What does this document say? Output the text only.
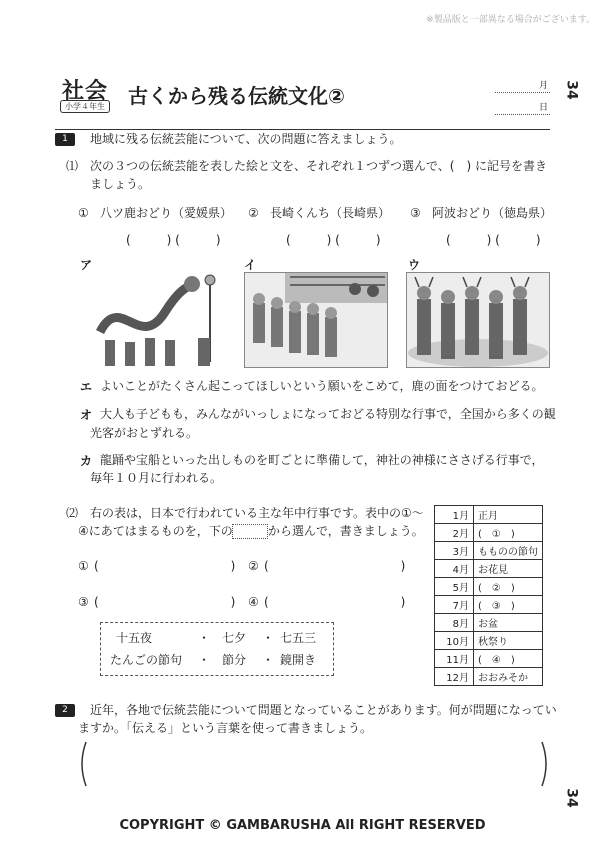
※製品版と一部異なる場合がございます。
社会
小学４年生 古くから残る伝統文化②	月
日
34
34
1	地域に残る伝統芸能について、次の問題に答えましょう。
⑴ 次の３つの伝統芸能を表した絵と文を、それぞれ１つずつ選んで、(　) に記号を書き
ましょう。
① 八ツ鹿おどり（愛媛県） ② 長崎くんち（長崎県） ③ 阿波おどり（徳島県）
(　　　) (　　　)	(　　　) (　　　)	(　　　) (　　　)
ア	イ	ウ
エ よいことがたくさん起こってほしいという願いをこめて，鹿の面をつけておどる。
オ 大人も子どもも，みんながいっしょになっておどる特別な行事で，全国から多くの観
光客がおとずれる。
カ 龍踊や宝船といった出しものを町ごとに準備して，神社の神様にささげる行事で，
毎年１０月に行われる。
⑵ 右の表は，日本で行われている主な年中行事です。表中の①～
④にあてはまるものを，下の	から選んで，書きましょう。
① (　　　　　　　　　　　) ② (　　　　　　　　　　　)
③ (　　　　　　　　　　　) ④ (　　　　　　　　　　　)
十五夜	・ 七夕 ・ 七五三
たんごの節句 ・ 節分 ・ 鏡開き
1月	正月
2月	(　①　)
3月	もものの節句
4月	お花見
5月	(　②　)
7月	(　③　)
8月	お盆
10月	秋祭り
11月	(　④　)
12月	おおみそか
2	近年，各地で伝統芸能について問題となっていることがあります。何が問題になってい
ますか。「伝える」という言葉を使って書きましょう。
COPYRIGHT © GAMBARUSHA All RIGHT RESERVED
